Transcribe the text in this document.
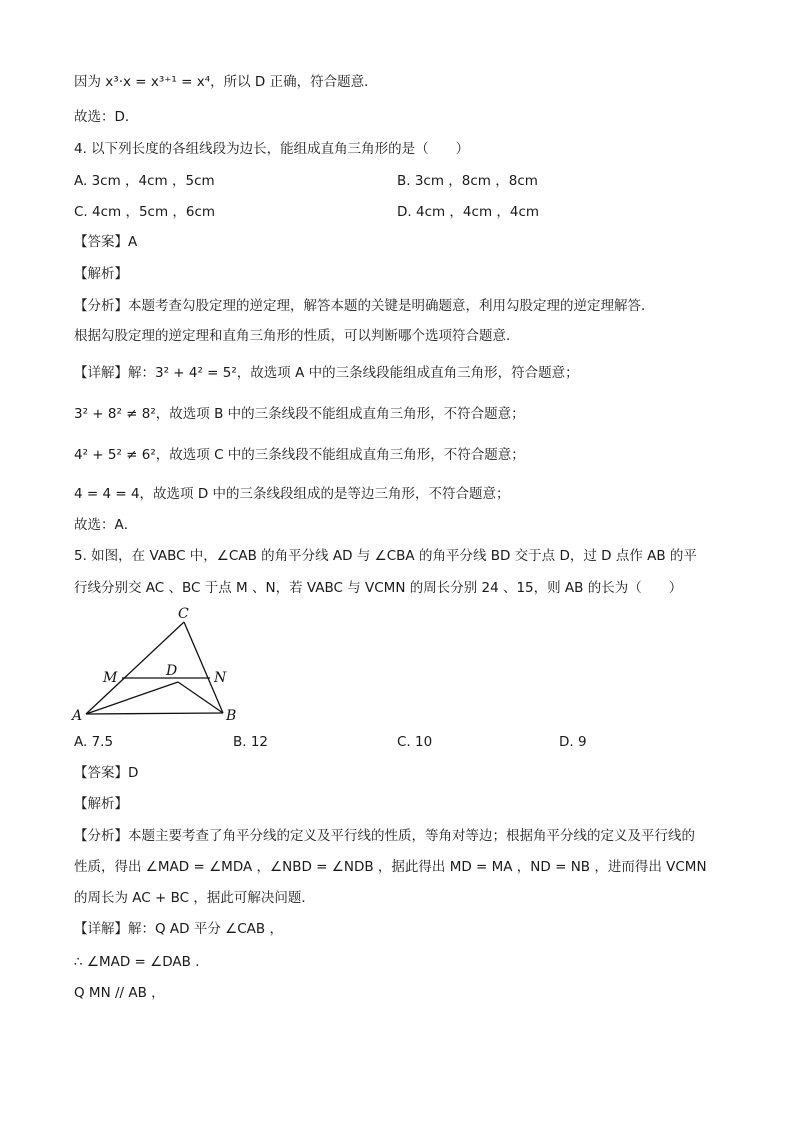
因为 x³·x = x³⁺¹ = x⁴，所以 D 正确，符合题意．
故选：D．
4. 以下列长度的各组线段为边长，能组成直角三角形的是（　　）
A. 3cm ，4cm ，5cm	B. 3cm ，8cm ，8cm
C. 4cm ，5cm ，6cm	D. 4cm ，4cm ，4cm
【答案】A
【解析】
【分析】本题考查勾股定理的逆定理，解答本题的关键是明确题意，利用勾股定理的逆定理解答．
根据勾股定理的逆定理和直角三角形的性质，可以判断哪个选项符合题意．
【详解】解：3² + 4² = 5²，故选项 A 中的三条线段能组成直角三角形，符合题意；
3² + 8² ≠ 8²，故选项 B 中的三条线段不能组成直角三角形，不符合题意；
4² + 5² ≠ 6²，故选项 C 中的三条线段不能组成直角三角形，不符合题意；
4 = 4 = 4，故选项 D 中的三条线段组成的是等边三角形，不符合题意；
故选：A．
5. 如图，在 VABC 中，∠CAB 的角平分线 AD 与 ∠CBA 的角平分线 BD 交于点 D，过 D 点作 AB 的平
行线分别交 AC 、BC 于点 M 、N，若 VABC 与 VCMN 的周长分别 24 、15，则 AB 的长为（　　）
C
M	D	N
A	B
A. 7.5	B. 12	C. 10	D. 9
【答案】D
【解析】
【分析】本题主要考查了角平分线的定义及平行线的性质，等角对等边；根据角平分线的定义及平行线的
性质，得出 ∠MAD = ∠MDA ，∠NBD = ∠NDB ，据此得出 MD = MA ，ND = NB ，进而得出 VCMN
的周长为 AC + BC ，据此可解决问题．
【详解】解：Q AD 平分 ∠CAB ，
∴ ∠MAD = ∠DAB ．
Q MN // AB ，
